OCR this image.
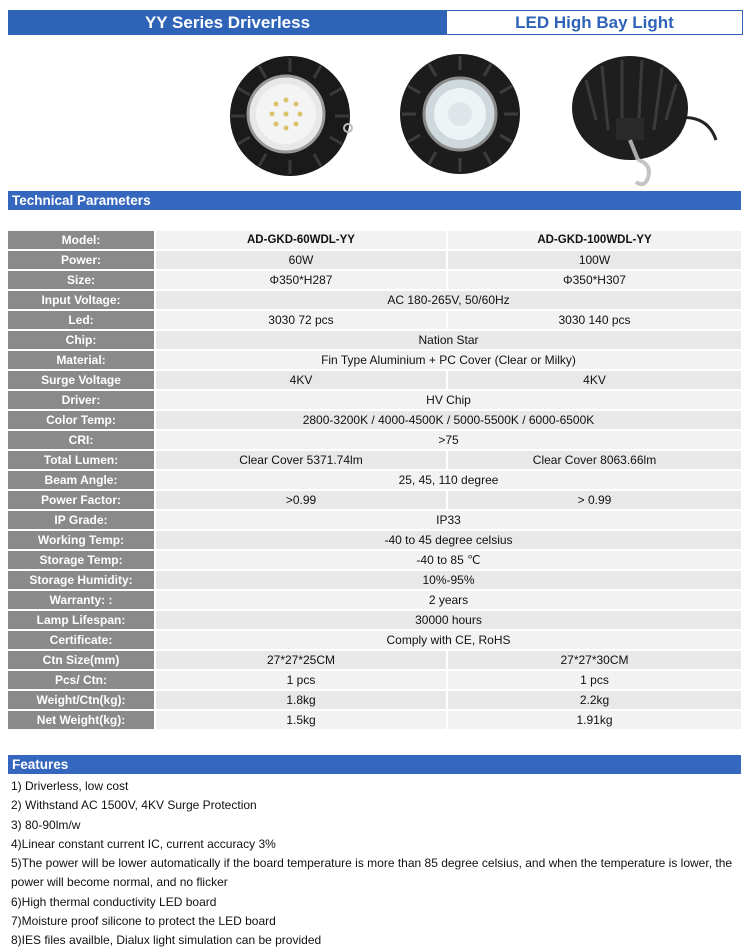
YY Series Driverless	LED High Bay Light
Technical Parameters
Model:	AD-GKD-60WDL-YY	AD-GKD-100WDL-YY
Power:	60W	100W
Size:	Φ350*H287	Φ350*H307
Input Voltage:	AC 180-265V, 50/60Hz	
Led:	3030 72 pcs	3030 140 pcs
Chip:	Nation Star	
Material:	Fin Type Aluminium + PC Cover (Clear or Milky)	
Surge Voltage	4KV	4KV
Driver:	HV Chip	
Color Temp:	2800-3200K / 4000-4500K / 5000-5500K / 6000-6500K	
CRI:	>75	
Total Lumen:	Clear Cover 5371.74lm	Clear Cover 8063.66lm
Beam Angle:	25, 45, 110 degree	
Power Factor:	>0.99	> 0.99
IP Grade:	IP33	
Working Temp:	-40 to 45 degree celsius	
Storage Temp:	-40 to 85 ℃	
Storage Humidity:	10%-95%	
Warranty: :	2 years	
Lamp Lifespan:	30000 hours	
Certificate:	Comply with CE, RoHS	
Ctn Size(mm)	27*27*25CM	27*27*30CM
Pcs/ Ctn:	1 pcs	1 pcs
Weight/Ctn(kg):	1.8kg	2.2kg
Net Weight(kg):	1.5kg	1.91kg
Features
1) Driverless, low cost
2) Withstand AC 1500V, 4KV Surge Protection
3) 80-90lm/w
4)Linear constant current IC, current accuracy 3%
5)The power will be lower automatically if the board temperature is more than 85 degree celsius, and when the temperature is lower, the power will become normal, and no flicker
6)High thermal conductivity LED board
7)Moisture proof silicone to protect the LED board
8)IES files availble, Dialux light simulation can be provided
